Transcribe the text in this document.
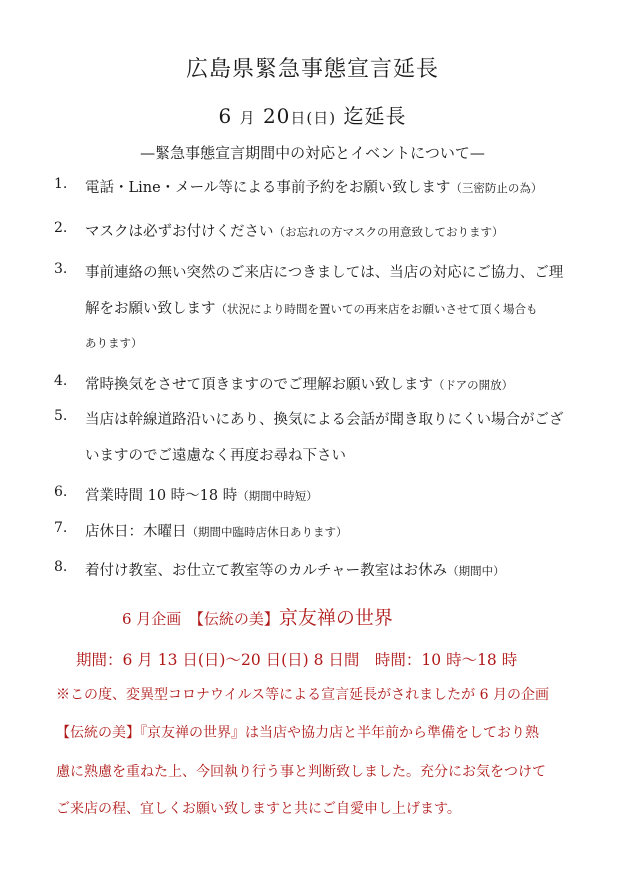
広島県緊急事態宣言延長
6 月 20日(日) 迄延長
—緊急事態宣言期間中の対応とイベントについて—
1. 電話・Line・メール等による事前予約をお願い致します（三密防止の為）
2. マスクは必ずお付けください（お忘れの方マスクの用意致しております）
3. 事前連絡の無い突然のご来店につきましては、当店の対応にご協力、ご理
解をお願い致します（状況により時間を置いての再来店をお願いさせて頂く場合も
あります）
4. 常時換気をさせて頂きますのでご理解お願い致します（ドアの開放）
5. 当店は幹線道路沿いにあり、換気による会話が聞き取りにくい場合がござ
いますのでご遠慮なく再度お尋ね下さい
6. 営業時間 10 時～18 時（期間中時短）
7. 店休日：木曜日（期間中臨時店休日あります）
8. 着付け教室、お仕立て教室等のカルチャー教室はお休み（期間中）
6 月企画　 【伝統の美】京友禅の世界
期間：6 月 13 日(日)～20 日(日) 8 日間　時間：10 時～18 時
※この度、変異型コロナウイルス等による宣言延長がされましたが 6 月の企画
【伝統の美】『京友禅の世界』は当店や協力店と半年前から準備をしており熟
慮に熟慮を重ねた上、今回執り行う事と判断致しました。充分にお気をつけて
ご来店の程、宜しくお願い致しますと共にご自愛申し上げます。
